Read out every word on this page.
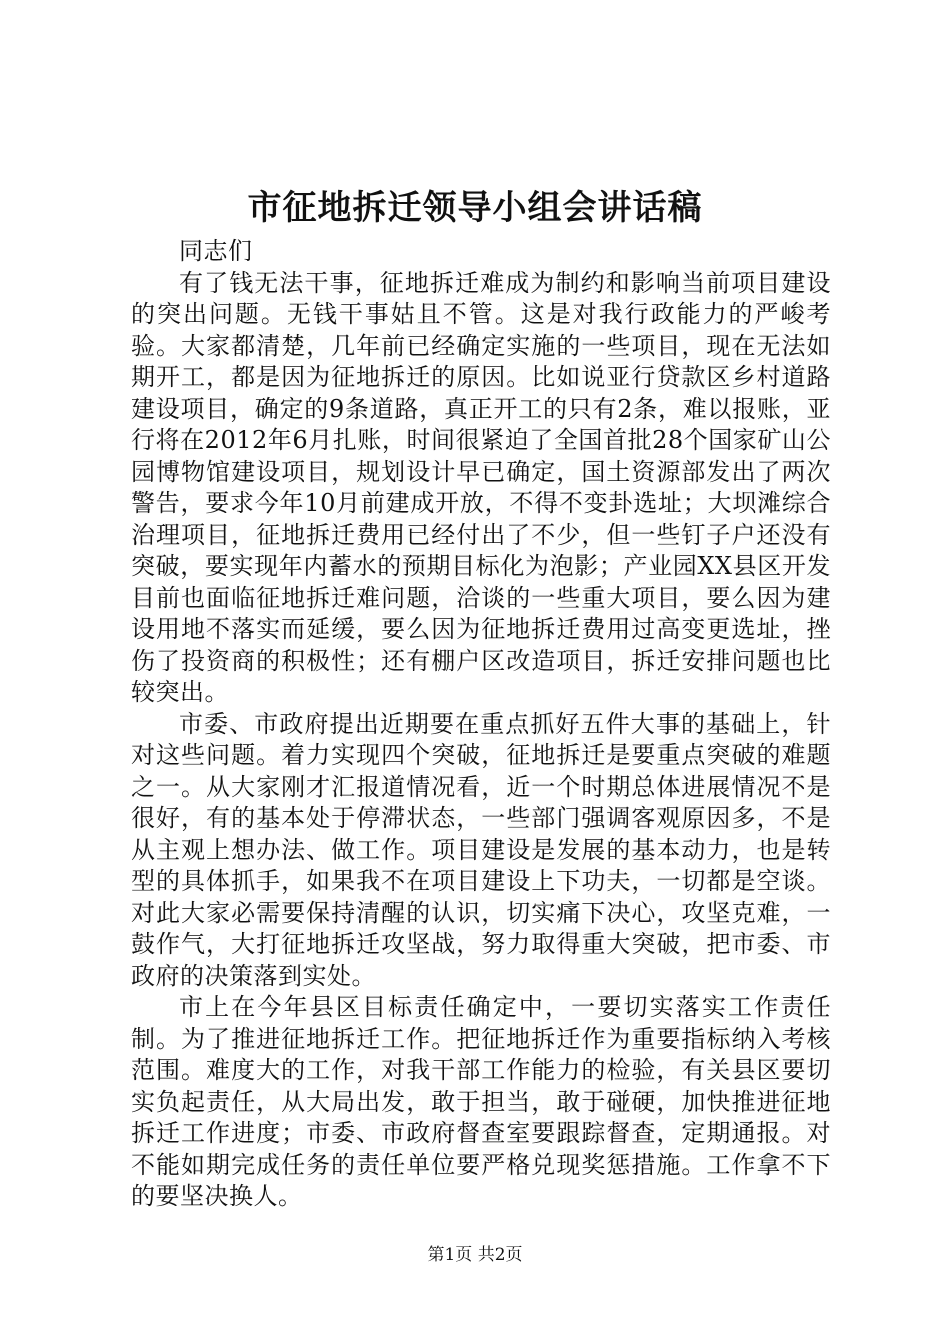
市征地拆迁领导小组会讲话稿
同志们

有了钱无法干事，征地拆迁难成为制约和影响当前项目建设的突出问题。无钱干事姑且不管。这是对我行政能力的严峻考验。大家都清楚，几年前已经确定实施的一些项目，现在无法如期开工，都是因为征地拆迁的原因。比如说亚行贷款区乡村道路建设项目，确定的9条道路，真正开工的只有2条，难以报账，亚行将在2012年6月扎账，时间很紧迫了全国首批28个国家矿山公园博物馆建设项目，规划设计早已确定，国土资源部发出了两次警告，要求今年10月前建成开放，不得不变卦选址；大坝滩综合治理项目，征地拆迁费用已经付出了不少，但一些钉子户还没有突破，要实现年内蓄水的预期目标化为泡影；产业园XX县区开发目前也面临征地拆迁难问题，洽谈的一些重大项目，要么因为建设用地不落实而延缓，要么因为征地拆迁费用过高变更选址，挫伤了投资商的积极性；还有棚户区改造项目，拆迁安排问题也比较突出。

市委、市政府提出近期要在重点抓好五件大事的基础上，针对这些问题。着力实现四个突破，征地拆迁是要重点突破的难题之一。从大家刚才汇报道情况看，近一个时期总体进展情况不是很好，有的基本处于停滞状态，一些部门强调客观原因多，不是从主观上想办法、做工作。项目建设是发展的基本动力，也是转型的具体抓手，如果我不在项目建设上下功夫，一切都是空谈。对此大家必需要保持清醒的认识，切实痛下决心，攻坚克难，一鼓作气，大打征地拆迁攻坚战，努力取得重大突破，把市委、市政府的决策落到实处。

市上在今年县区目标责任确定中，一要切实落实工作责任制。为了推进征地拆迁工作。把征地拆迁作为重要指标纳入考核范围。难度大的工作，对我干部工作能力的检验，有关县区要切实负起责任，从大局出发，敢于担当，敢于碰硬，加快推进征地拆迁工作进度；市委、市政府督查室要跟踪督查，定期通报。对不能如期完成任务的责任单位要严格兑现奖惩措施。工作拿不下的要坚决换人。

第1页 共2页
